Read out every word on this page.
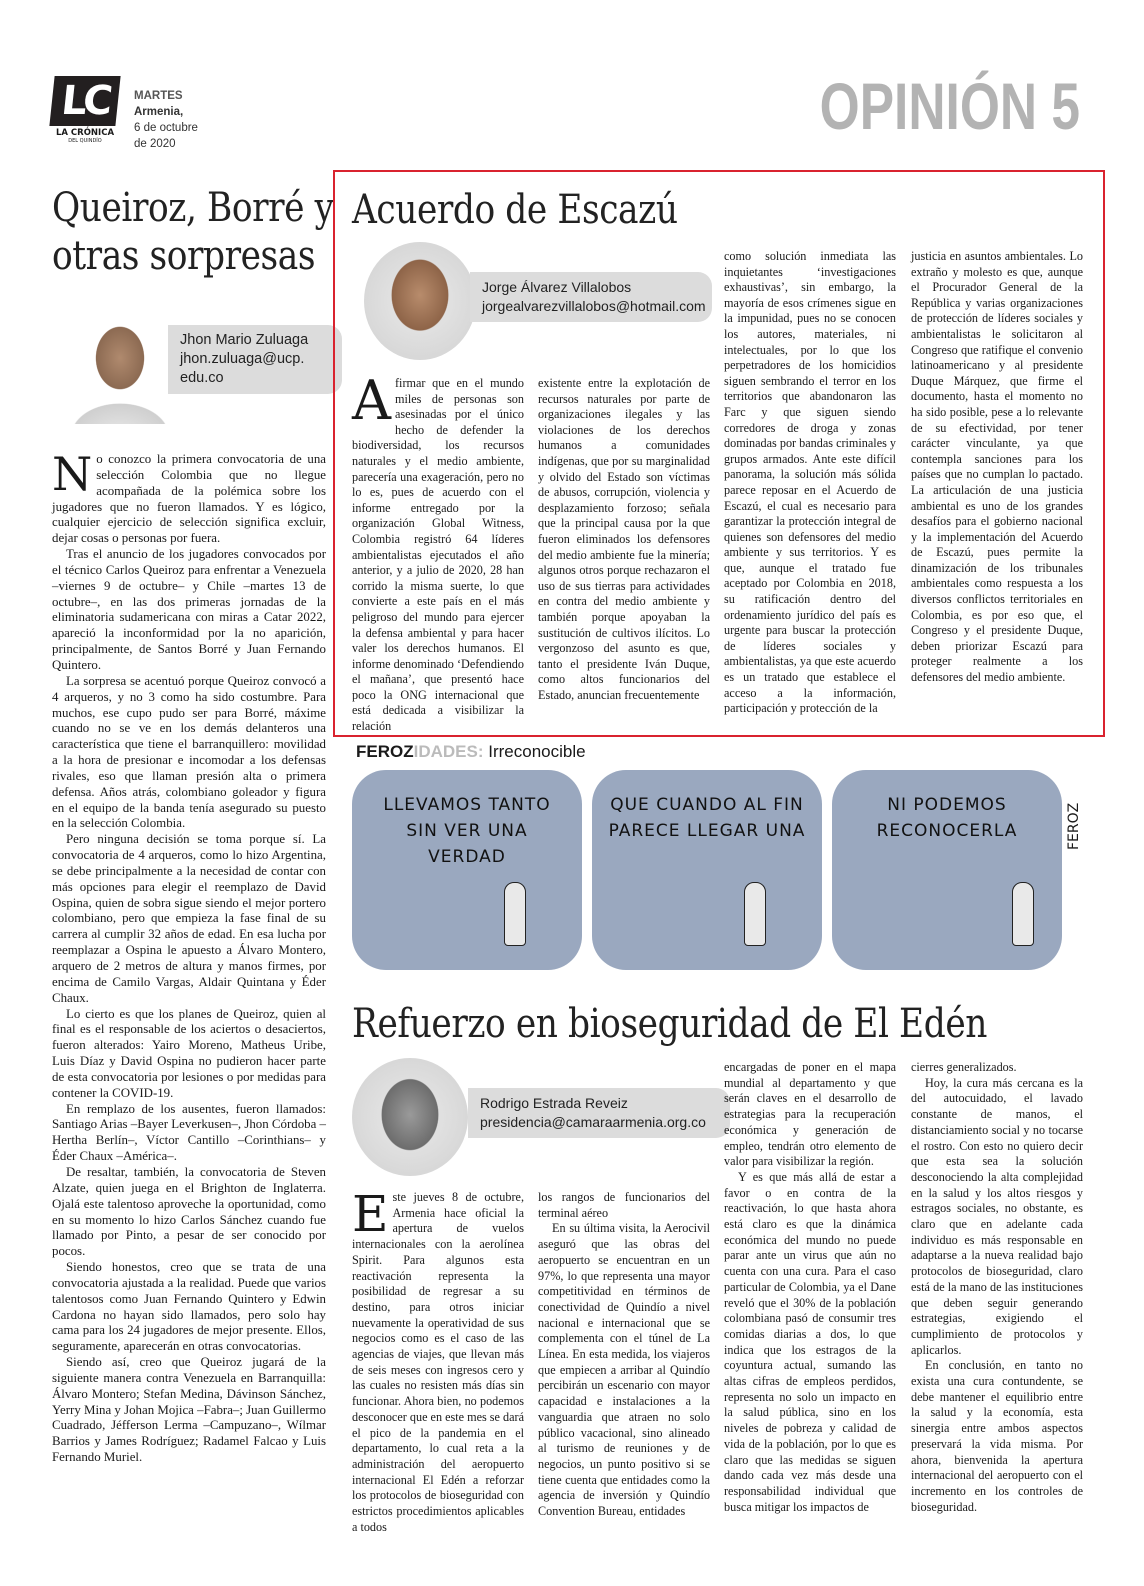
LC
LA CRÓNICA
DEL QUINDÍO
MARTES
Armenia,
6 de octubre
de 2020
OPINIÓN 5
Queiroz, Borré y
otras sorpresas
Jhon Mario Zuluaga
jhon.zuluaga@ucp.
edu.co

No conozco la primera convocatoria de una selección Colombia que no llegue acompañada de la polémica sobre los jugadores que no fueron llamados. Y es lógico, cualquier ejercicio de selección significa excluir, dejar cosas o personas por fuera.

Tras el anuncio de los jugadores convocados por el técnico Carlos Queiroz para enfrentar a Venezuela –viernes 9 de octubre– y Chile –martes 13 de octubre–, en las dos primeras jornadas de la eliminatoria sudamericana con miras a Catar 2022, apareció la inconformidad por la no aparición, principalmente, de Santos Borré y Juan Fernando Quintero.

La sorpresa se acentuó porque Queiroz convocó a 4 arqueros, y no 3 como ha sido costumbre. Para muchos, ese cupo pudo ser para Borré, máxime cuando no se ve en los demás delanteros una característica que tiene el barranquillero: movilidad a la hora de presionar e incomodar a los defensas rivales, eso que llaman presión alta o primera defensa. Años atrás, colombiano goleador y figura en el equipo de la banda tenía asegurado su puesto en la selección Colombia.

Pero ninguna decisión se toma porque sí. La convocatoria de 4 arqueros, como lo hizo Argentina, se debe principalmente a la necesidad de contar con más opciones para elegir el reemplazo de David Ospina, quien de sobra sigue siendo el mejor portero colombiano, pero que empieza la fase final de su carrera al cumplir 32 años de edad. En esa lucha por reemplazar a Ospina le apuesto a Álvaro Montero, arquero de 2 metros de altura y manos firmes, por encima de Camilo Vargas, Aldair Quintana y Éder Chaux.

Lo cierto es que los planes de Queiroz, quien al final es el responsable de los aciertos o desaciertos, fueron alterados: Yairo Moreno, Matheus Uribe, Luis Díaz y David Ospina no pudieron hacer parte de esta convocatoria por lesiones o por medidas para contener la COVID-19.

En remplazo de los ausentes, fueron llamados: Santiago Arias –Bayer Leverkusen–, Jhon Córdoba –Hertha Berlín–, Víctor Cantillo –Corinthians– y Éder Chaux –América–.

De resaltar, también, la convocatoria de Steven Alzate, quien juega en el Brighton de Inglaterra. Ojalá este talentoso aproveche la oportunidad, como en su momento lo hizo Carlos Sánchez cuando fue llamado por Pinto, a pesar de ser conocido por pocos.

Siendo honestos, creo que se trata de una convocatoria ajustada a la realidad. Puede que varios talentosos como Juan Fernando Quintero y Edwin Cardona no hayan sido llamados, pero solo hay cama para los 24 jugadores de mejor presente. Ellos, seguramente, aparecerán en otras convocatorias.

Siendo así, creo que Queiroz jugará de la siguiente manera contra Venezuela en Barranquilla: Álvaro Montero; Stefan Medina, Dávinson Sánchez, Yerry Mina y Johan Mojica –Fabra–; Juan Guillermo Cuadrado, Jéfferson Lerma –Campuzano–, Wílmar Barrios y James Rodríguez; Radamel Falcao y Luis Fernando Muriel.

Acuerdo de Escazú
Jorge Álvarez Villalobos
jorgealvarezvillalobos@hotmail.com

Afirmar que en el mundo miles de personas son asesinadas por el único hecho de defender la biodiversidad, los recursos naturales y el medio ambiente, parecería una exageración, pero no lo es, pues de acuerdo con el informe entregado por la organización Global Witness, Colombia registró 64 líderes ambientalistas ejecutados el año anterior, y a julio de 2020, 28 han corrido la misma suerte, lo que convierte a este país en el más peligroso del mundo para ejercer la defensa ambiental y para hacer valer los derechos humanos. El informe denominado ‘Defendiendo el mañana’, que presentó hace poco la ONG internacional que está dedicada a visibilizar la relación

existente entre la explotación de recursos naturales por parte de organizaciones ilegales y las violaciones de los derechos humanos a comunidades indígenas, que por su marginalidad y olvido del Estado son víctimas de abusos, corrupción, violencia y desplazamiento forzoso; señala que la principal causa por la que fueron eliminados los defensores del medio ambiente fue la minería; algunos otros porque rechazaron el uso de sus tierras para actividades en contra del medio ambiente y también porque apoyaban la sustitución de cultivos ilícitos. Lo vergonzoso del asunto es que, tanto el presidente Iván Duque, como altos funcionarios del Estado, anuncian frecuentemente

como solución inmediata las inquietantes ‘investigaciones exhaustivas’, sin embargo, la mayoría de esos crímenes sigue en la impunidad, pues no se conocen los autores, materiales, ni intelectuales, por lo que los perpetradores de los homicidios siguen sembrando el terror en los territorios que abandonaron las Farc y que siguen siendo corredores de droga y zonas dominadas por bandas criminales y grupos armados. Ante este difícil panorama, la solución más sólida parece reposar en el Acuerdo de Escazú, el cual es necesario para garantizar la protección integral de quienes son defensores del medio ambiente y sus territorios. Y es que, aunque el tratado fue aceptado por Colombia en 2018, su ratificación dentro del ordenamiento jurídico del país es urgente para buscar la protección de líderes sociales y ambientalistas, ya que este acuerdo es un tratado que establece el acceso a la información, participación y protección de la

justicia en asuntos ambientales. Lo extraño y molesto es que, aunque el Procurador General de la República y varias organizaciones de protección de líderes sociales y ambientalistas le solicitaron al Congreso que ratifique el convenio latinoamericano y al presidente Duque Márquez, que firme el documento, hasta el momento no ha sido posible, pese a lo relevante de su efectividad, por tener carácter vinculante, ya que contempla sanciones para los países que no cumplan lo pactado. La articulación de una justicia ambiental es uno de los grandes desafíos para el gobierno nacional y la implementación del Acuerdo de Escazú, pues permite la dinamización de los tribunales ambientales como respuesta a los diversos conflictos territoriales en Colombia, es por eso que, el Congreso y el presidente Duque, deben priorizar Escazú para proteger realmente a los defensores del medio ambiente.

FEROZIDADES: Irreconocible
LLEVAMOS TANTO SIN VER UNA VERDAD
QUE CUANDO AL FIN PARECE LLEGAR UNA
NI PODEMOS RECONOCERLA	FEROZ
Refuerzo en bioseguridad de El Edén
Rodrigo Estrada Reveiz
presidencia@camaraarmenia.org.co

Este jueves 8 de octubre, Armenia hace oficial la apertura de vuelos internacionales con la aerolínea Spirit. Para algunos esta reactivación representa la posibilidad de regresar a su destino, para otros iniciar nuevamente la operatividad de sus negocios como es el caso de las agencias de viajes, que llevan más de seis meses con ingresos cero y las cuales no resisten más días sin funcionar. Ahora bien, no podemos desconocer que en este mes se dará el pico de la pandemia en el departamento, lo cual reta a la administración del aeropuerto internacional El Edén a reforzar los protocolos de bioseguridad con estrictos procedimientos aplicables a todos

los rangos de funcionarios del terminal aéreo

En su última visita, la Aerocivil aseguró que las obras del aeropuerto se encuentran en un 97%, lo que representa una mayor competitividad en términos de conectividad de Quindío a nivel nacional e internacional que se complementa con el túnel de La Línea. En esta medida, los viajeros que empiecen a arribar al Quindío percibirán un escenario con mayor capacidad e instalaciones a la vanguardia que atraen no solo público vacacional, sino alineado al turismo de reuniones y de negocios, un punto positivo si se tiene cuenta que entidades como la agencia de inversión y Quindío Convention Bureau, entidades

encargadas de poner en el mapa mundial al departamento y que serán claves en el desarrollo de estrategias para la recuperación económica y generación de empleo, tendrán otro elemento de valor para visibilizar la región.

Y es que más allá de estar a favor o en contra de la reactivación, lo que hasta ahora está claro es que la dinámica económica del mundo no puede parar ante un virus que aún no cuenta con una cura. Para el caso particular de Colombia, ya el Dane reveló que el 30% de la población colombiana pasó de consumir tres comidas diarias a dos, lo que indica que los estragos de la coyuntura actual, sumando las altas cifras de empleos perdidos, representa no solo un impacto en la salud pública, sino en los niveles de pobreza y calidad de vida de la población, por lo que es claro que las medidas se siguen dando cada vez más desde una responsabilidad individual que busca mitigar los impactos de

cierres generalizados.

Hoy, la cura más cercana es la del autocuidado, el lavado constante de manos, el distanciamiento social y no tocarse el rostro. Con esto no quiero decir que esta sea la solución desconociendo la alta complejidad en la salud y los altos riesgos y estragos sociales, no obstante, es claro que en adelante cada individuo es más responsable en adaptarse a la nueva realidad bajo protocolos de bioseguridad, claro está de la mano de las instituciones que deben seguir generando estrategias, exigiendo el cumplimiento de protocolos y aplicarlos.

En conclusión, en tanto no exista una cura contundente, se debe mantener el equilibrio entre la salud y la economía, esta sinergia entre ambos aspectos preservará la vida misma. Por ahora, bienvenida la apertura internacional del aeropuerto con el incremento en los controles de bioseguridad.
